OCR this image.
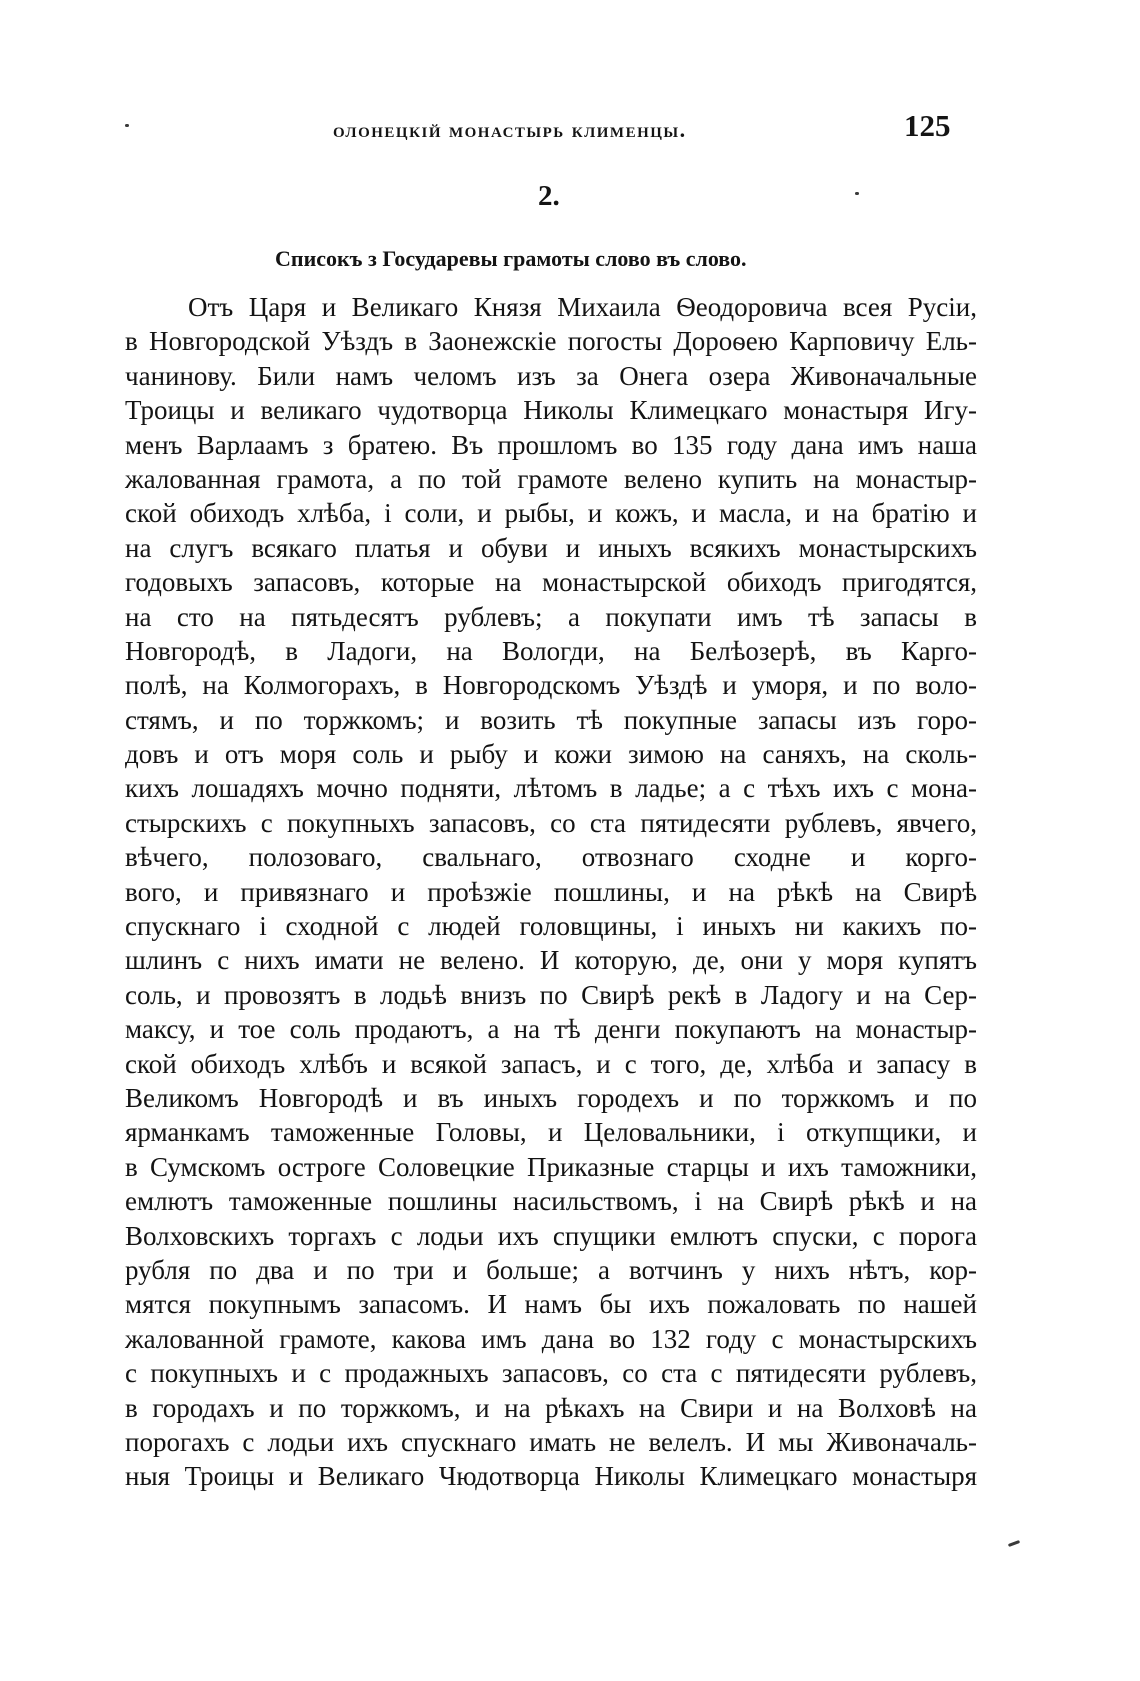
олонецкій монастырь клименцы.	125
2.
Списокъ з Государевы грамоты слово въ слово.
Отъ Царя и Великаго Князя Михаила Ѳеодоровича всея Русіи,
в Новгородской Уѣздъ в Заонежскіе погосты Дороѳею Карповичу Ель-
чанинову. Били намъ челомъ изъ за Онега озера Живоначальные
Троицы и великаго чудотворца Николы Климецкаго монастыря Игу-
менъ Варлаамъ з братею. Въ прошломъ во 135 году дана имъ наша
жалованная грамота, а по той грамоте велено купить на монастыр-
ской обиходъ хлѣба, і соли, и рыбы, и кожъ, и масла, и на братію и
на слугъ всякаго платья и обуви и иныхъ всякихъ монастырскихъ
годовыхъ запасовъ, которые на монастырской обиходъ пригодятся,
на сто на пятьдесятъ рублевъ; а покупати имъ тѣ запасы в
Новгородѣ, в Ладоги, на Вологди, на Белѣозерѣ, въ Карго-
полѣ, на Колмогорахъ, в Новгородскомъ Уѣздѣ и уморя, и по воло-
стямъ, и по торжкомъ; и возить тѣ покупные запасы изъ горо-
довъ и отъ моря соль и рыбу и кожи зимою на саняхъ, на сколь-
кихъ лошадяхъ мочно подняти, лѣтомъ в ладье; а с тѣхъ ихъ с мона-
стырскихъ с покупныхъ запасовъ, со ста пятидесяти рублевъ, явчего,
вѣчего, полозоваго, свальнаго, отвознаго сходне и корго-
вого, и привязнаго и проѣзжіе пошлины, и на рѣкѣ на Свирѣ
спускнаго і сходной с людей головщины, і иныхъ ни какихъ по-
шлинъ с нихъ имати не велено. И которую, де, они у моря купятъ
соль, и провозятъ в лодьѣ внизъ по Свирѣ рекѣ в Ладогу и на Сер-
максу, и тое соль продаютъ, а на тѣ денги покупаютъ на монастыр-
ской обиходъ хлѣбъ и всякой запасъ, и с того, де, хлѣба и запасу в
Великомъ Новгородѣ и въ иныхъ городехъ и по торжкомъ и по
ярманкамъ таможенные Головы, и Целовальники, і откупщики, и
в Сумскомъ остроге Соловецкие Приказные старцы и ихъ таможники,
емлютъ таможенные пошлины насильствомъ, і на Свирѣ рѣкѣ и на
Волховскихъ торгахъ с лодьи ихъ спущики емлютъ спуски, с порога
рубля по два и по три и больше; а вотчинъ у нихъ нѣтъ, кор-
мятся покупнымъ запасомъ. И намъ бы ихъ пожаловать по нашей
жалованной грамоте, какова имъ дана во 132 году с монастырскихъ
с покупныхъ и с продажныхъ запасовъ, со ста с пятидесяти рублевъ,
в городахъ и по торжкомъ, и на рѣкахъ на Свири и на Волховѣ на
порогахъ с лодьи ихъ спускнаго имать не велелъ. И мы Живоначаль-
ныя Троицы и Великаго Чюдотворца Николы Климецкаго монастыря
